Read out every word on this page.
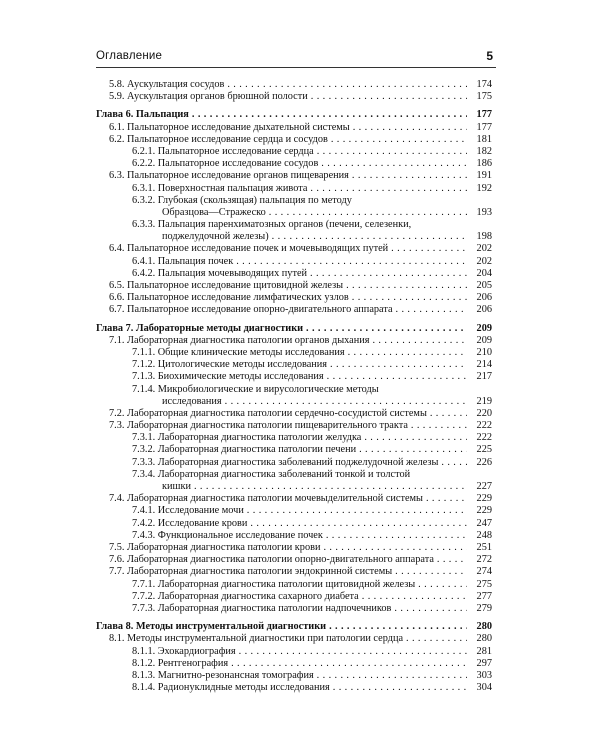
Оглавление	5
5.8. Аускультация сосудов . . .	174
5.9. Аускультация органов брюшной полости . . .	175
Глава 6. Пальпация . . .	177
6.1. Пальпаторное исследование дыхательной системы . . .	177
6.2. Пальпаторное исследование сердца и сосудов . . .	181
6.2.1. Пальпаторное исследование сердца . . .	182
6.2.2. Пальпаторное исследование сосудов . . .	186
6.3. Пальпаторное исследование органов пищеварения . . .	191
6.3.1. Поверхностная пальпация живота . . .	192
6.3.2. Глубокая (скользящая) пальпация по методу
Образцова—Стражеско . . .	193
6.3.3. Пальпация паренхиматозных органов (печени, селезенки,
поджелудочной железы) . . .	198
6.4. Пальпаторное исследование почек и мочевыводящих путей . . .	202
6.4.1. Пальпация почек . . .	202
6.4.2. Пальпация мочевыводящих путей . . .	204
6.5. Пальпаторное исследование щитовидной железы . . .	205
6.6. Пальпаторное исследование лимфатических узлов . . .	206
6.7. Пальпаторное исследование опорно-двигательного аппарата . . .	206
Глава 7. Лабораторные методы диагностики . . .	209
7.1. Лабораторная диагностика патологии органов дыхания . . .	209
7.1.1. Общие клинические методы исследования . . .	210
7.1.2. Цитологические методы исследования . . .	214
7.1.3. Биохимические методы исследования . . .	217
7.1.4. Микробиологические и вирусологические методы
исследования . . .	219
7.2. Лабораторная диагностика патологии сердечно-сосудистой системы . . .	220
7.3. Лабораторная диагностика патологии пищеварительного тракта . . .	222
7.3.1. Лабораторная диагностика патологии желудка . . .	222
7.3.2. Лабораторная диагностика патологии печени . . .	225
7.3.3. Лабораторная диагностика заболеваний поджелудочной железы . . .	226
7.3.4. Лабораторная диагностика заболеваний тонкой и толстой
кишки . . .	227
7.4. Лабораторная диагностика патологии мочевыделительной системы . . .	229
7.4.1. Исследование мочи . . .	229
7.4.2. Исследование крови . . .	247
7.4.3. Функциональное исследование почек . . .	248
7.5. Лабораторная диагностика патологии крови . . .	251
7.6. Лабораторная диагностика патологии опорно-двигательного аппарата . . .	272
7.7. Лабораторная диагностика патологии эндокринной системы . . .	274
7.7.1. Лабораторная диагностика патологии щитовидной железы . . .	275
7.7.2. Лабораторная диагностика сахарного диабета . . .	277
7.7.3. Лабораторная диагностика патологии надпочечников . . .	279
Глава 8. Методы инструментальной диагностики . . .	280
8.1. Методы инструментальной диагностики при патологии сердца . . .	280
8.1.1. Эхокардиография . . .	281
8.1.2. Рентгенография . . .	297
8.1.3. Магнитно-резонансная томография . . .	303
8.1.4. Радионуклидные методы исследования . . .	304
